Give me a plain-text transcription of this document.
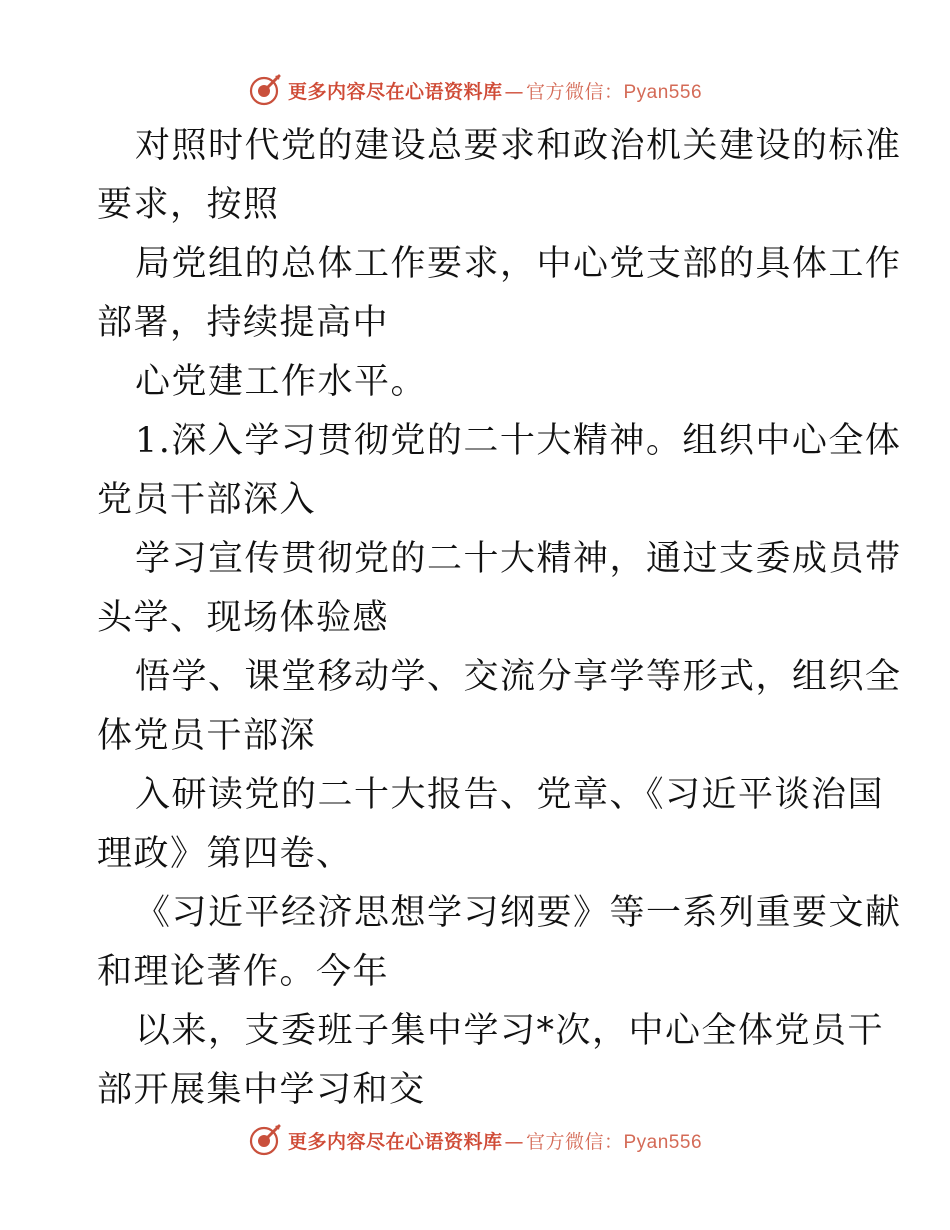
更多内容尽在心语资料库 — 官方微信：Pyan556
对照时代党的建设总要求和政治机关建设的标准
要求，按照
局党组的总体工作要求，中心党支部的具体工作
部署，持续提高中
心党建工作水平。
1.深入学习贯彻党的二十大精神。组织中心全体
党员干部深入
学习宣传贯彻党的二十大精神，通过支委成员带
头学、现场体验感
悟学、课堂移动学、交流分享学等形式，组织全
体党员干部深
入研读党的二十大报告、党章、《习近平谈治国
理政》第四卷、
《习近平经济思想学习纲要》等一系列重要文献
和理论著作。今年
以来，支委班子集中学习*次，中心全体党员干
部开展集中学习和交
更多内容尽在心语资料库 — 官方微信：Pyan556
